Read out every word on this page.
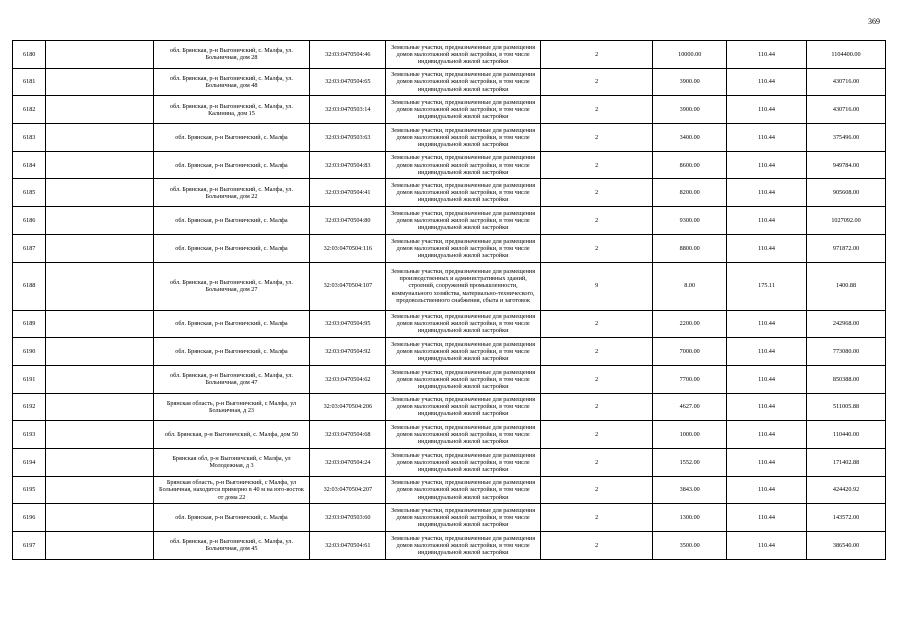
369
6180		обл. Брянская, р-н Выгоничский, с. Малфа, ул. Больничная, дом 28	32:03:0470504:46	Земельные участки, предназначенные для размещения домов малоэтажной жилой застройки, в том числе индивидуальной жилой застройки	2	10000.00	110.44	1104400.00
6181		обл. Брянская, р-н Выгоничский, с. Малфа, ул. Больничная, дом 48	32:03:0470504:65	Земельные участки, предназначенные для размещения домов малоэтажной жилой застройки, в том числе индивидуальной жилой застройки	2	3900.00	110.44	430716.00
6182		обл. Брянская, р-н Выгоничский, с. Малфа, ул. Калинина, дом 15	32:03:0470503:14	Земельные участки, предназначенные для размещения домов малоэтажной жилой застройки, в том числе индивидуальной жилой застройки	2	3900.00	110.44	430716.00
6183		обл. Брянская, р-н Выгоничский, с. Малфа	32:03:0470503:63	Земельные участки, предназначенные для размещения домов малоэтажной жилой застройки, в том числе индивидуальной жилой застройки	2	3400.00	110.44	375496.00
6184		обл. Брянская, р-н Выгоничский, с. Малфа	32:03:0470504:83	Земельные участки, предназначенные для размещения домов малоэтажной жилой застройки, в том числе индивидуальной жилой застройки	2	8600.00	110.44	949784.00
6185		обл. Брянская, р-н Выгоничский, с. Малфа, ул. Больничная, дом 22	32:03:0470504:41	Земельные участки, предназначенные для размещения домов малоэтажной жилой застройки, в том числе индивидуальной жилой застройки	2	8200.00	110.44	905608.00
6186		обл. Брянская, р-н Выгоничский, с. Малфа	32:03:0470504:80	Земельные участки, предназначенные для размещения домов малоэтажной жилой застройки, в том числе индивидуальной жилой застройки	2	9300.00	110.44	1027092.00
6187		обл. Брянская, р-н Выгоничский, с. Малфа	32:03:0470504:116	Земельные участки, предназначенные для размещения домов малоэтажной жилой застройки, в том числе индивидуальной жилой застройки	2	8800.00	110.44	971872.00
6188		обл. Брянская, р-н Выгоничский, с. Малфа, ул. Больничная, дом 27	32:03:0470504:107	Земельные участки, предназначенные для размещения производственных и административных зданий, строений, сооружений промышленности, коммунального хозяйства, материально-технического, продовольственного снабжения, сбыта и заготовок	9	8.00	175.11	1400.88
6189		обл. Брянская, р-н Выгоничский, с. Малфа	32:03:0470504:95	Земельные участки, предназначенные для размещения домов малоэтажной жилой застройки, в том числе индивидуальной жилой застройки	2	2200.00	110.44	242968.00
6190		обл. Брянская, р-н Выгоничский, с. Малфа	32:03:0470504:92	Земельные участки, предназначенные для размещения домов малоэтажной жилой застройки, в том числе индивидуальной жилой застройки	2	7000.00	110.44	773080.00
6191		обл. Брянская, р-н Выгоничский, с. Малфа, ул. Больничная, дом 47	32:03:0470504:62	Земельные участки, предназначенные для размещения домов малоэтажной жилой застройки, в том числе индивидуальной жилой застройки	2	7700.00	110.44	850388.00
6192		Брянская область, р-н Выгоничский, с Малфа, ул Больничная, д 23	32:03:0470504:206	Земельные участки, предназначенные для размещения домов малоэтажной жилой застройки, в том числе индивидуальной жилой застройки	2	4627.00	110.44	511005.88
6193		обл. Брянская, р-н Выгоничский, с. Малфа, дом 50	32:03:0470504:68	Земельные участки, предназначенные для размещения домов малоэтажной жилой застройки, в том числе индивидуальной жилой застройки	2	1000.00	110.44	110440.00
6194		Брянская обл, р-н Выгоничский, с Малфа, ул Молодежная, д 3	32:03:0470504:24	Земельные участки, предназначенные для размещения домов малоэтажной жилой застройки, в том числе индивидуальной жилой застройки	2	1552.00	110.44	171402.88
6195		Брянская область, р-н Выгоничский, с Малфа, ул Больничная, находится примерно в 40 м на юго-восток от дома 22	32:03:0470504:207	Земельные участки, предназначенные для размещения домов малоэтажной жилой застройки, в том числе индивидуальной жилой застройки	2	3843.00	110.44	424420.92
6196		обл. Брянская, р-н Выгоничский, с. Малфа	32:03:0470503:60	Земельные участки, предназначенные для размещения домов малоэтажной жилой застройки, в том числе индивидуальной жилой застройки	2	1300.00	110.44	143572.00
6197		обл. Брянская, р-н Выгоничский, с. Малфа, ул. Больничная, дом 45	32:03:0470504:61	Земельные участки, предназначенные для размещения домов малоэтажной жилой застройки, в том числе индивидуальной жилой застройки	2	3500.00	110.44	386540.00
